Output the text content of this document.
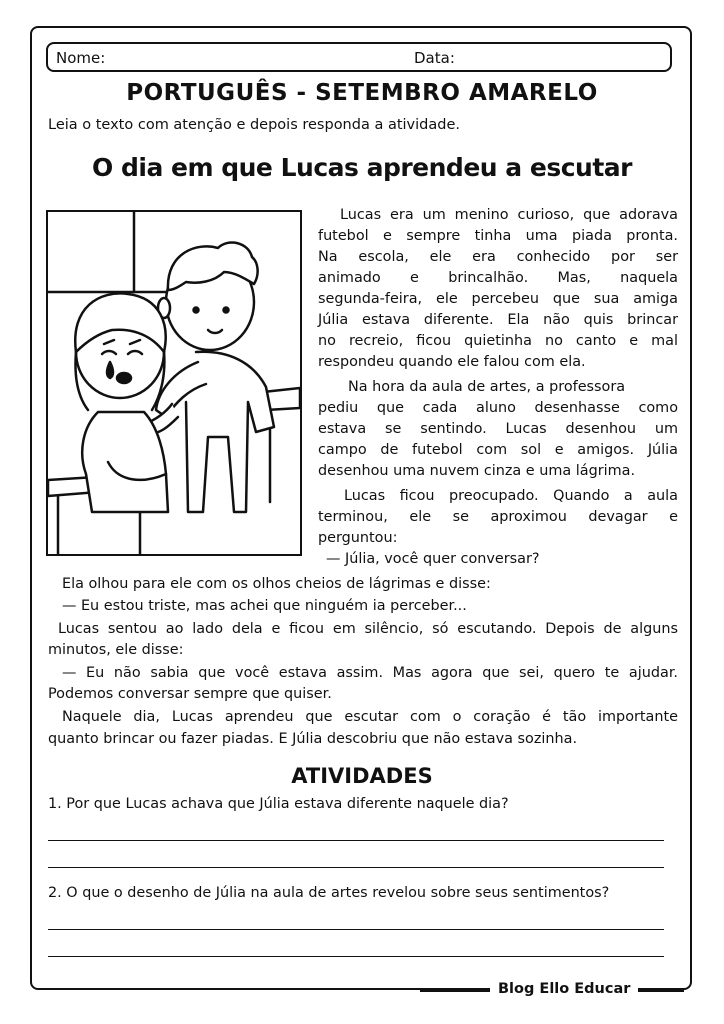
Nome:	Data:
PORTUGUÊS - SETEMBRO AMARELO
Leia o texto com atenção e depois responda a atividade.
O dia em que Lucas aprendeu a escutar
Lucas era um menino curioso, que adorava
futebol e sempre tinha uma piada pronta.
Na escola, ele era conhecido por ser
animado e brincalhão. Mas, naquela
segunda-feira, ele percebeu que sua amiga
Júlia estava diferente. Ela não quis brincar
no recreio, ficou quietinha no canto e mal
respondeu quando ele falou com ela.
Na hora da aula de artes, a professora
pediu que cada aluno desenhasse como
estava se sentindo. Lucas desenhou um
campo de futebol com sol e amigos. Júlia
desenhou uma nuvem cinza e uma lágrima.
Lucas ficou preocupado. Quando a aula
terminou, ele se aproximou devagar e
perguntou:
— Júlia, você quer conversar?
Ela olhou para ele com os olhos cheios de lágrimas e disse:
— Eu estou triste, mas achei que ninguém ia perceber...
Lucas sentou ao lado dela e ficou em silêncio, só escutando. Depois de alguns
minutos, ele disse:
— Eu não sabia que você estava assim. Mas agora que sei, quero te ajudar.
Podemos conversar sempre que quiser.
Naquele dia, Lucas aprendeu que escutar com o coração é tão importante
quanto brincar ou fazer piadas. E Júlia descobriu que não estava sozinha.
ATIVIDADES
1. Por que Lucas achava que Júlia estava diferente naquele dia?
2. O que o desenho de Júlia na aula de artes revelou sobre seus sentimentos?
Blog Ello Educar
